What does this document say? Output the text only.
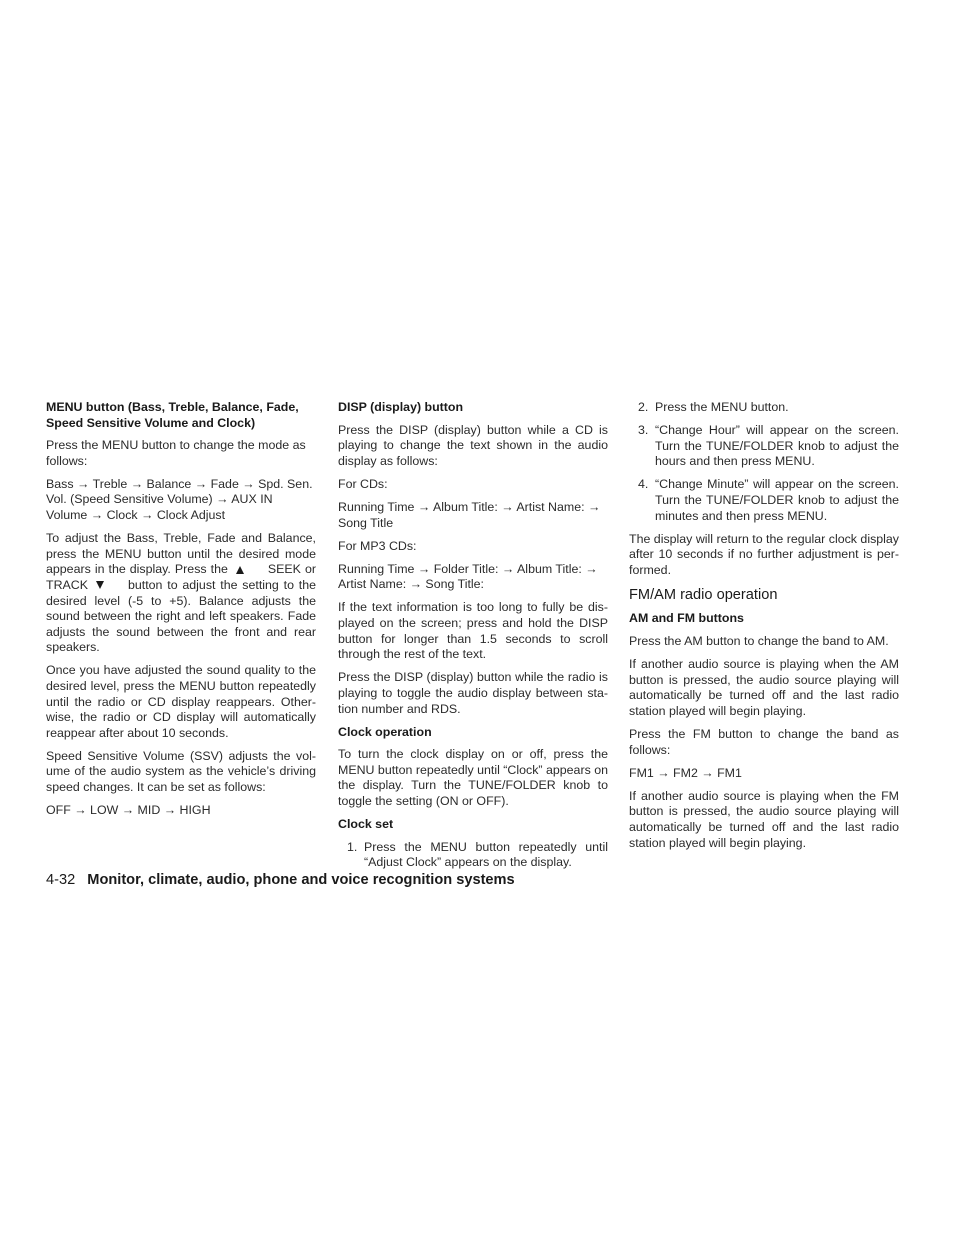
MENU button (Bass, Treble, Balance, Fade, Speed Sensitive Volume and Clock)

Press the MENU button to change the mode as follows:

Bass → Treble → Balance → Fade → Spd. Sen. Vol. (Speed Sensitive Volume) → AUX IN Volume → Clock → Clock Adjust

To adjust the Bass, Treble, Fade and Balance, press the MENU button until the desired mode appears in the display. Press the	SEEK or TRACK	button to adjust the setting to the desired level (-5 to +5). Balance adjusts the sound between the right and left speakers. Fade adjusts the sound between the front and rear speakers.

Once you have adjusted the sound quality to the desired level, press the MENU button repeatedly until the radio or CD display reappears. Other-wise, the radio or CD display will automatically reappear after about 10 seconds.

Speed Sensitive Volume (SSV) adjusts the vol-ume of the audio system as the vehicle’s driving speed changes. It can be set as follows:

OFF → LOW → MID → HIGH

DISP (display) button

Press the DISP (display) button while a CD is playing to change the text shown in the audio display as follows:

For CDs:

Running Time → Album Title: → Artist Name: → Song Title

For MP3 CDs:

Running Time → Folder Title: → Album Title: → Artist Name: → Song Title:

If the text information is too long to fully be dis-played on the screen; press and hold the DISP button for longer than 1.5 seconds to scroll through the rest of the text.

Press the DISP (display) button while the radio is playing to toggle the audio display between sta-tion number and RDS.

Clock operation

To turn the clock display on or off, press the MENU button repeatedly until “Clock” appears on the display. Turn the TUNE/FOLDER knob to toggle the setting (ON or OFF).

Clock set
1. Press the MENU button repeatedly until “Adjust Clock” appears on the display.
2. Press the MENU button.
3. “Change Hour” will appear on the screen. Turn the TUNE/FOLDER knob to adjust the hours and then press MENU.
4. “Change Minute” will appear on the screen. Turn the TUNE/FOLDER knob to adjust the minutes and then press MENU.

The display will return to the regular clock display after 10 seconds if no further adjustment is per-formed.

FM/AM radio operation
AM and FM buttons

Press the AM button to change the band to AM.

If another audio source is playing when the AM button is pressed, the audio source playing will automatically be turned off and the last radio station played will begin playing.

Press the FM button to change the band as follows:

FM1 → FM2 → FM1

If another audio source is playing when the FM button is pressed, the audio source playing will automatically be turned off and the last radio station played will begin playing.

4-32 Monitor, climate, audio, phone and voice recognition systems
